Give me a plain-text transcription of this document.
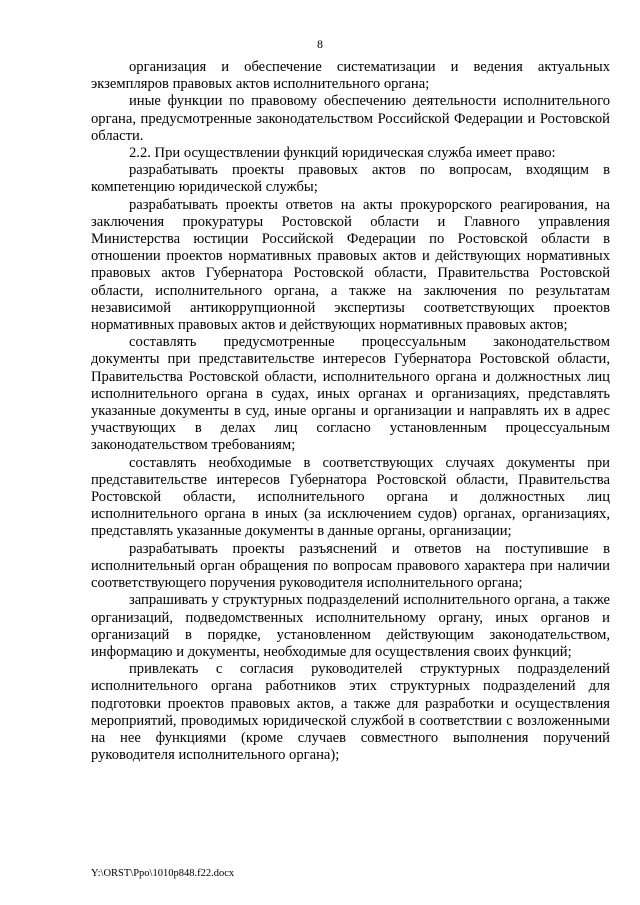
8

организация и обеспечение систематизации и ведения актуальных экземпляров правовых актов исполнительного органа;

иные функции по правовому обеспечению деятельности исполнительного органа, предусмотренные законодательством Российской Федерации и Ростовской области.

2.2. При осуществлении функций юридическая служба имеет право:

разрабатывать проекты правовых актов по вопросам, входящим в компетенцию юридической службы;

разрабатывать проекты ответов на акты прокурорского реагирования, на заключения прокуратуры Ростовской области и Главного управления Министерства юстиции Российской Федерации по Ростовской области в отношении проектов нормативных правовых актов и действующих нормативных правовых актов Губернатора Ростовской области, Правительства Ростовской области, исполнительного органа, а также на заключения по результатам независимой антикоррупционной экспертизы соответствующих проектов нормативных правовых актов и действующих нормативных правовых актов;

составлять предусмотренные процессуальным законодательством документы при представительстве интересов Губернатора Ростовской области, Правительства Ростовской области, исполнительного органа и должностных лиц исполнительного органа в судах, иных органах и организациях, представлять указанные документы в суд, иные органы и организации и направлять их в адрес участвующих в делах лиц согласно установленным процессуальным законодательством требованиям;

составлять необходимые в соответствующих случаях документы при представительстве интересов Губернатора Ростовской области, Правительства Ростовской области, исполнительного органа и должностных лиц исполнительного органа в иных (за исключением судов) органах, организациях, представлять указанные документы в данные органы, организации;

разрабатывать проекты разъяснений и ответов на поступившие в исполнительный орган обращения по вопросам правового характера при наличии соответствующего поручения руководителя исполнительного органа;

запрашивать у структурных подразделений исполнительного органа, а также организаций, подведомственных исполнительному органу, иных органов и организаций в порядке, установленном действующим законодательством, информацию и документы, необходимые для осуществления своих функций;

привлекать с согласия руководителей структурных подразделений исполнительного органа работников этих структурных подразделений для подготовки проектов правовых актов, а также для разработки и осуществления мероприятий, проводимых юридической службой в соответствии с возложенными на нее функциями (кроме случаев совместного выполнения поручений руководителя исполнительного органа);

Y:\ORST\Ppo\1010p848.f22.docx
